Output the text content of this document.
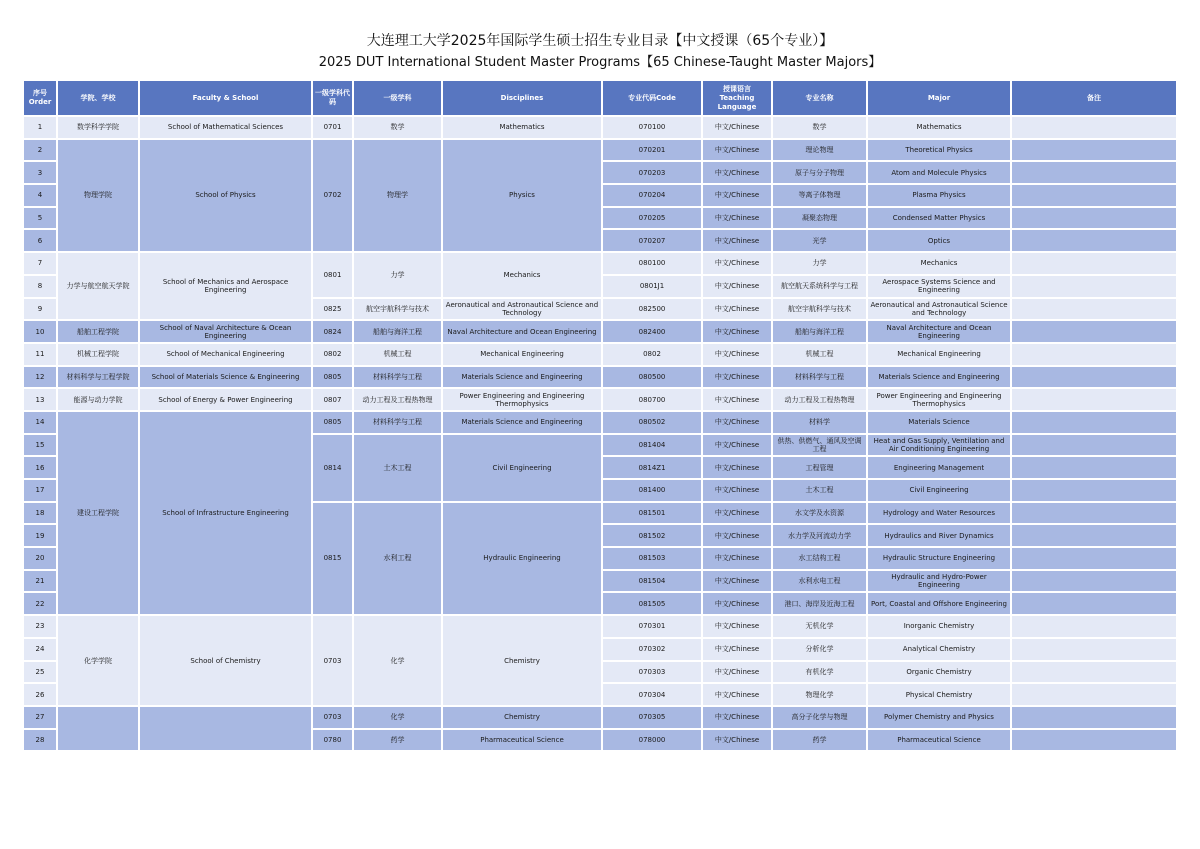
大连理工大学2025年国际学生硕士招生专业目录【中文授课（65个专业）】
2025 DUT International Student Master Programs【65 Chinese-Taught Master Majors】
序号 Order	学院、学校	Faculty & School	一级学科代码	一级学科	Disciplines	专业代码Code	授课语言 Teaching Language	专业名称	Major	备注
1	数学科学学院	School of Mathematical Sciences	0701	数学	Mathematics	070100	中文/Chinese	数学	Mathematics	
2	物理学院	School of Physics	0702	物理学	Physics	070201	中文/Chinese	理论物理	Theoretical Physics	
3						070203	中文/Chinese	原子与分子物理	Atom and Molecule Physics	
4						070204	中文/Chinese	等离子体物理	Plasma Physics	
5						070205	中文/Chinese	凝聚态物理	Condensed Matter Physics	
6						070207	中文/Chinese	光学	Optics	
7	力学与航空航天学院	School of Mechanics and Aerospace Engineering	0801	力学	Mechanics	080100	中文/Chinese	力学	Mechanics	
8						0801J1	中文/Chinese	航空航天系统科学与工程	Aerospace Systems Science and Engineering	
9			0825	航空宇航科学与技术	Aeronautical and Astronautical Science and Technology	082500	中文/Chinese	航空宇航科学与技术	Aeronautical and Astronautical Science and Technology	
10	船舶工程学院	School of Naval Architecture & Ocean Engineering	0824	船舶与海洋工程	Naval Architecture and Ocean Engineering	082400	中文/Chinese	船舶与海洋工程	Naval Architecture and Ocean Engineering	
11	机械工程学院	School of Mechanical Engineering	0802	机械工程	Mechanical Engineering	0802	中文/Chinese	机械工程	Mechanical Engineering	
12	材料科学与工程学院	School of Materials Science & Engineering	0805	材料科学与工程	Materials Science and Engineering	080500	中文/Chinese	材料科学与工程	Materials Science and Engineering	
13	能源与动力学院	School of Energy & Power Engineering	0807	动力工程及工程热物理	Power Engineering and Engineering Thermophysics	080700	中文/Chinese	动力工程及工程热物理	Power Engineering and Engineering Thermophysics	
14	建设工程学院	School of Infrastructure Engineering	0805	材料科学与工程	Materials Science and Engineering	080502	中文/Chinese	材料学	Materials Science	
15			0814	土木工程	Civil Engineering	081404	中文/Chinese	供热、供燃气、通风及空调工程	Heat and Gas Supply, Ventilation and Air Conditioning Engineering	
16						0814Z1	中文/Chinese	工程管理	Engineering Management	
17						081400	中文/Chinese	土木工程	Civil Engineering	
18			0815	水利工程	Hydraulic Engineering	081501	中文/Chinese	水文学及水资源	Hydrology and Water Resources	
19						081502	中文/Chinese	水力学及河流动力学	Hydraulics and River Dynamics	
20						081503	中文/Chinese	水工结构工程	Hydraulic Structure Engineering	
21						081504	中文/Chinese	水利水电工程	Hydraulic and Hydro-Power Engineering	
22						081505	中文/Chinese	港口、海岸及近海工程	Port, Coastal and Offshore Engineering	
23	化学学院	School of Chemistry	0703	化学	Chemistry	070301	中文/Chinese	无机化学	Inorganic Chemistry	
24						070302	中文/Chinese	分析化学	Analytical Chemistry	
25						070303	中文/Chinese	有机化学	Organic Chemistry	
26						070304	中文/Chinese	物理化学	Physical Chemistry	
27			0703	化学	Chemistry	070305	中文/Chinese	高分子化学与物理	Polymer Chemistry and Physics	
28			0780	药学	Pharmaceutical Science	078000	中文/Chinese	药学	Pharmaceutical Science	
